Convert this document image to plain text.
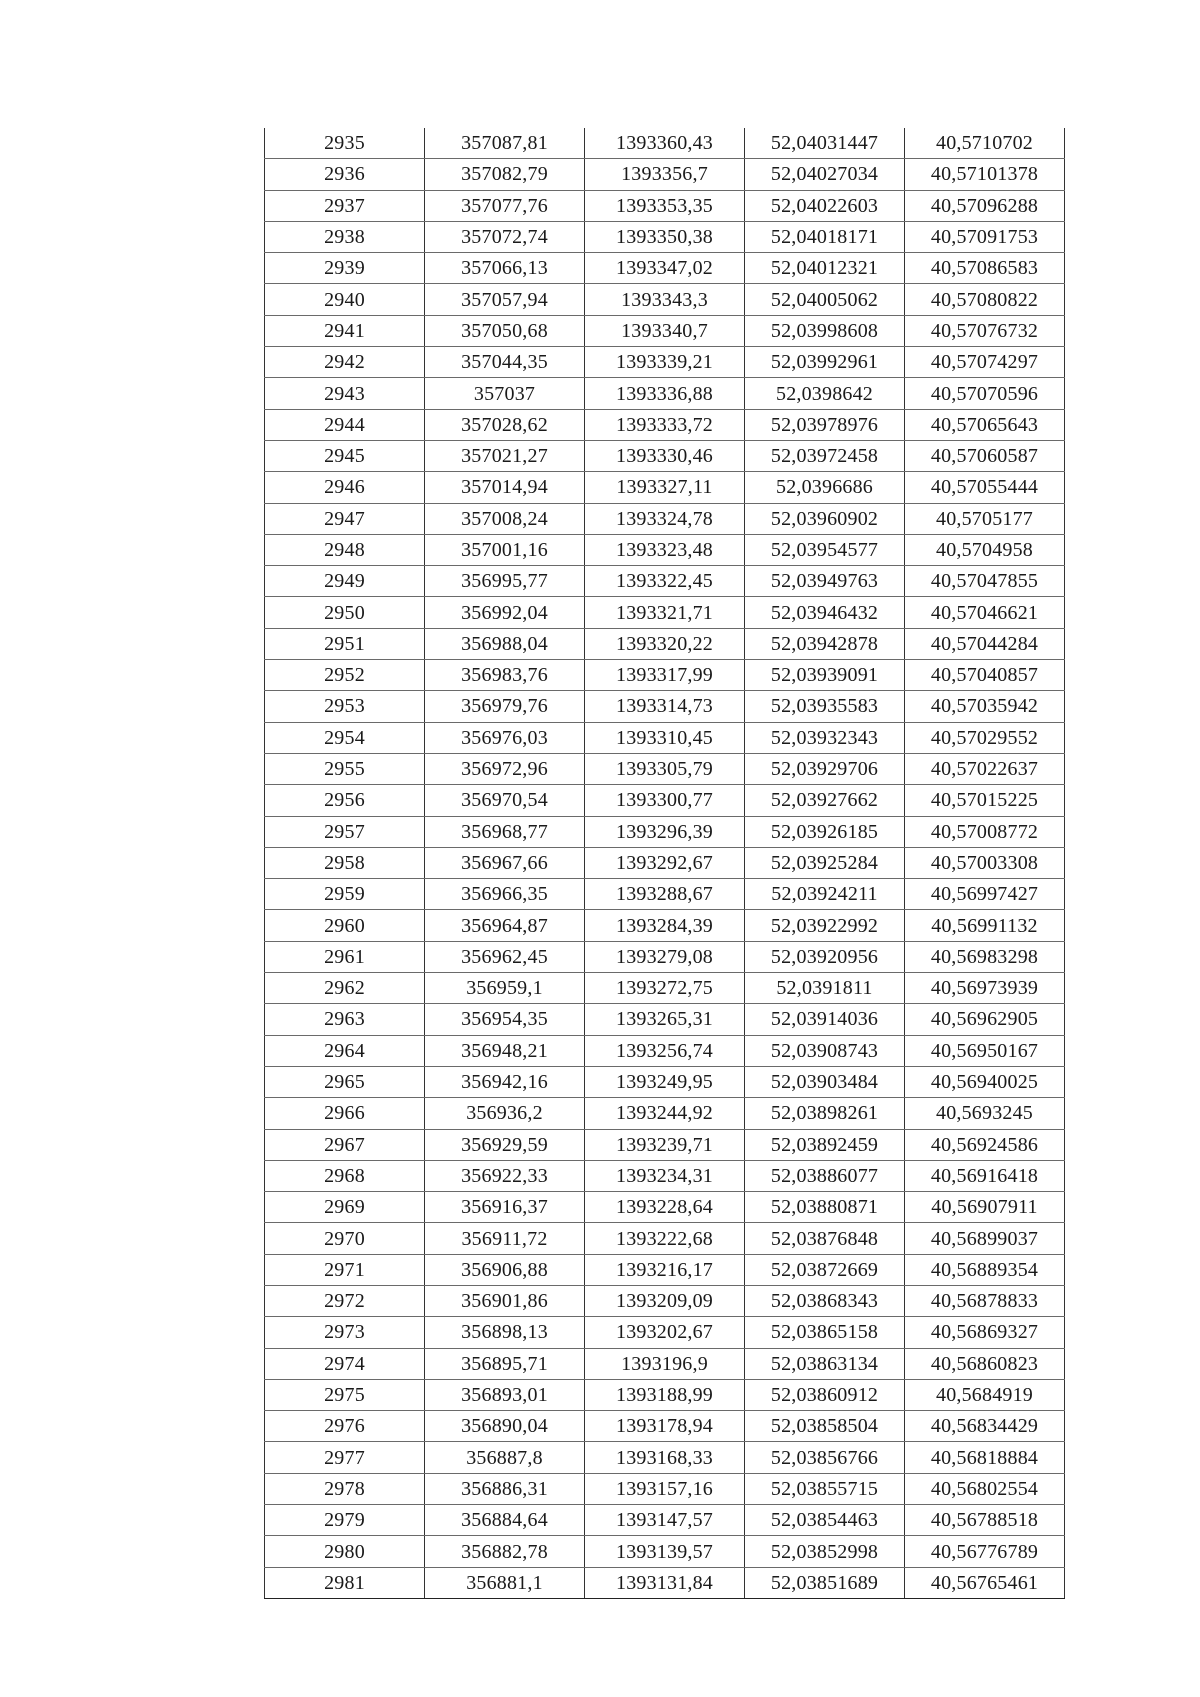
2935	357087,81	1393360,43	52,04031447	40,5710702
2936	357082,79	1393356,7	52,04027034	40,57101378
2937	357077,76	1393353,35	52,04022603	40,57096288
2938	357072,74	1393350,38	52,04018171	40,57091753
2939	357066,13	1393347,02	52,04012321	40,57086583
2940	357057,94	1393343,3	52,04005062	40,57080822
2941	357050,68	1393340,7	52,03998608	40,57076732
2942	357044,35	1393339,21	52,03992961	40,57074297
2943	357037	1393336,88	52,0398642	40,57070596
2944	357028,62	1393333,72	52,03978976	40,57065643
2945	357021,27	1393330,46	52,03972458	40,57060587
2946	357014,94	1393327,11	52,0396686	40,57055444
2947	357008,24	1393324,78	52,03960902	40,5705177
2948	357001,16	1393323,48	52,03954577	40,5704958
2949	356995,77	1393322,45	52,03949763	40,57047855
2950	356992,04	1393321,71	52,03946432	40,57046621
2951	356988,04	1393320,22	52,03942878	40,57044284
2952	356983,76	1393317,99	52,03939091	40,57040857
2953	356979,76	1393314,73	52,03935583	40,57035942
2954	356976,03	1393310,45	52,03932343	40,57029552
2955	356972,96	1393305,79	52,03929706	40,57022637
2956	356970,54	1393300,77	52,03927662	40,57015225
2957	356968,77	1393296,39	52,03926185	40,57008772
2958	356967,66	1393292,67	52,03925284	40,57003308
2959	356966,35	1393288,67	52,03924211	40,56997427
2960	356964,87	1393284,39	52,03922992	40,56991132
2961	356962,45	1393279,08	52,03920956	40,56983298
2962	356959,1	1393272,75	52,0391811	40,56973939
2963	356954,35	1393265,31	52,03914036	40,56962905
2964	356948,21	1393256,74	52,03908743	40,56950167
2965	356942,16	1393249,95	52,03903484	40,56940025
2966	356936,2	1393244,92	52,03898261	40,5693245
2967	356929,59	1393239,71	52,03892459	40,56924586
2968	356922,33	1393234,31	52,03886077	40,56916418
2969	356916,37	1393228,64	52,03880871	40,56907911
2970	356911,72	1393222,68	52,03876848	40,56899037
2971	356906,88	1393216,17	52,03872669	40,56889354
2972	356901,86	1393209,09	52,03868343	40,56878833
2973	356898,13	1393202,67	52,03865158	40,56869327
2974	356895,71	1393196,9	52,03863134	40,56860823
2975	356893,01	1393188,99	52,03860912	40,5684919
2976	356890,04	1393178,94	52,03858504	40,56834429
2977	356887,8	1393168,33	52,03856766	40,56818884
2978	356886,31	1393157,16	52,03855715	40,56802554
2979	356884,64	1393147,57	52,03854463	40,56788518
2980	356882,78	1393139,57	52,03852998	40,56776789
2981	356881,1	1393131,84	52,03851689	40,56765461
